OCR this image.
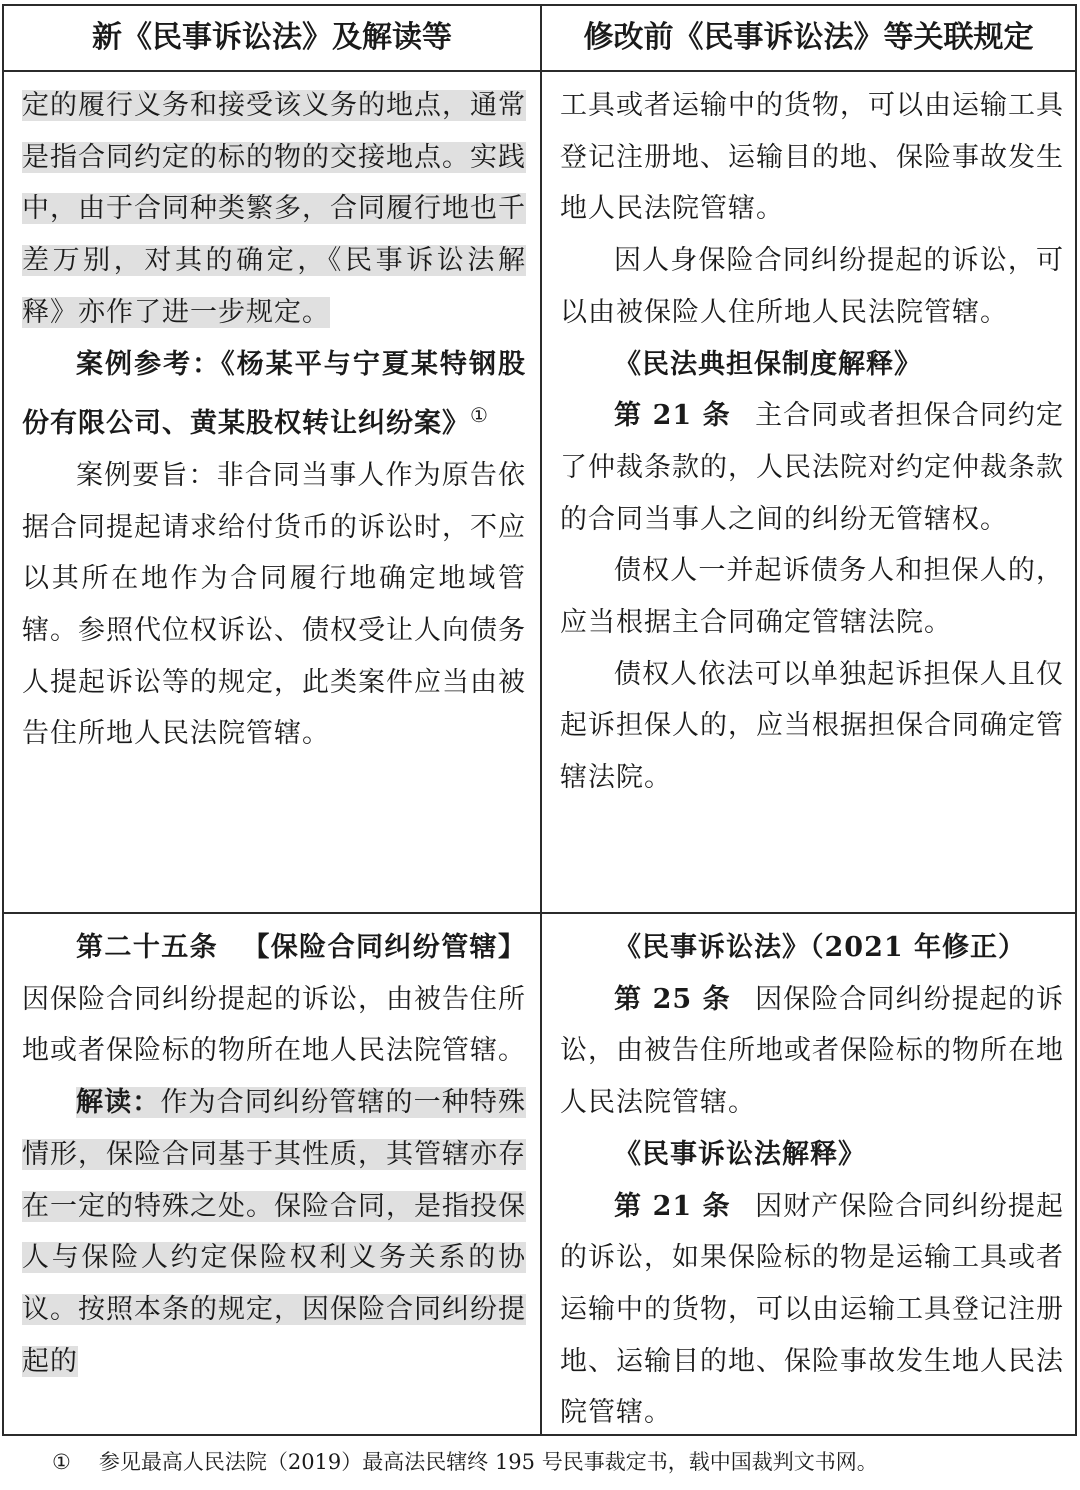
新《民事诉讼法》及解读等	修改前《民事诉讼法》等关联规定

定的履行义务和接受该义务的地点，通常是指合同约定的标的物的交接地点。实践中，由于合同种类繁多，合同履行地也千差万别，对其的确定，《民事诉讼法解释》亦作了进一步规定。

案例参考：《杨某平与宁夏某特钢股份有限公司、黄某股权转让纠纷案》①

案例要旨：非合同当事人作为原告依据合同提起请求给付货币的诉讼时，不应以其所在地作为合同履行地确定地域管辖。参照代位权诉讼、债权受让人向债务人提起诉讼等的规定，此类案件应当由被告住所地人民法院管辖。

工具或者运输中的货物，可以由运输工具登记注册地、运输目的地、保险事故发生地人民法院管辖。

因人身保险合同纠纷提起的诉讼，可以由被保险人住所地人民法院管辖。

《民法典担保制度解释》

第 21 条 主合同或者担保合同约定了仲裁条款的，人民法院对约定仲裁条款的合同当事人之间的纠纷无管辖权。

债权人一并起诉债务人和担保人的，应当根据主合同确定管辖法院。

债权人依法可以单独起诉担保人且仅起诉担保人的，应当根据担保合同确定管辖法院。

第二十五条 【保险合同纠纷管辖】因保险合同纠纷提起的诉讼，由被告住所地或者保险标的物所在地人民法院管辖。

解读：作为合同纠纷管辖的一种特殊情形，保险合同基于其性质，其管辖亦存在一定的特殊之处。保险合同，是指投保人与保险人约定保险权利义务关系的协议。按照本条的规定，因保险合同纠纷提起的

《民事诉讼法》（2021 年修正）

第 25 条 因保险合同纠纷提起的诉讼，由被告住所地或者保险标的物所在地人民法院管辖。

《民事诉讼法解释》

第 21 条 因财产保险合同纠纷提起的诉讼，如果保险标的物是运输工具或者运输中的货物，可以由运输工具登记注册地、运输目的地、保险事故发生地人民法院管辖。

① 参见最高人民法院（2019）最高法民辖终 195 号民事裁定书，载中国裁判文书网。
